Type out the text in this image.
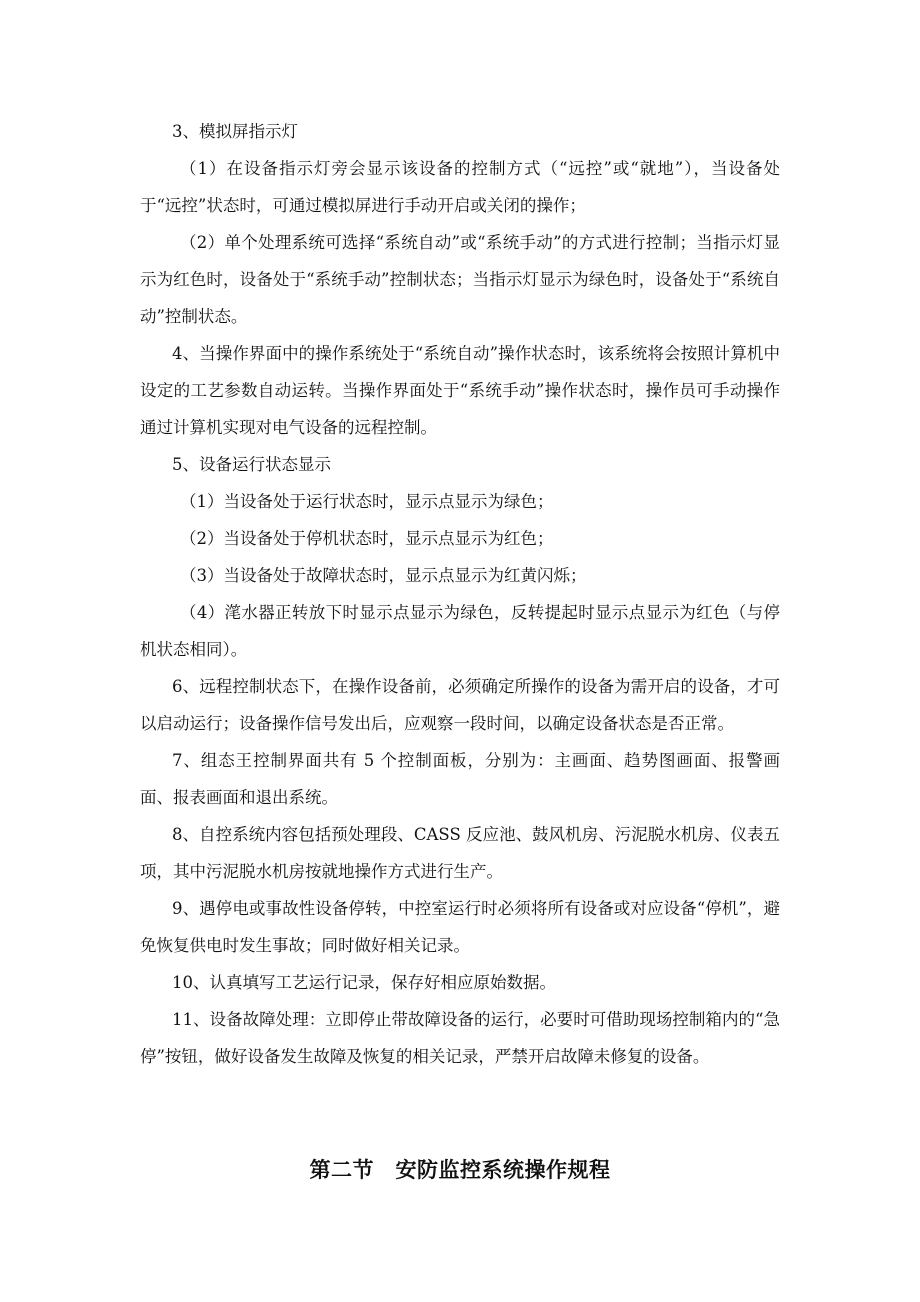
3、模拟屏指示灯

（1）在设备指示灯旁会显示该设备的控制方式（“远控”或“就地”），当设备处于“远控”状态时，可通过模拟屏进行手动开启或关闭的操作；

（2）单个处理系统可选择“系统自动”或“系统手动”的方式进行控制；当指示灯显示为红色时，设备处于“系统手动”控制状态；当指示灯显示为绿色时，设备处于“系统自动”控制状态。

4、当操作界面中的操作系统处于“系统自动”操作状态时，该系统将会按照计算机中设定的工艺参数自动运转。当操作界面处于“系统手动”操作状态时，操作员可手动操作通过计算机实现对电气设备的远程控制。

5、设备运行状态显示

（1）当设备处于运行状态时，显示点显示为绿色；

（2）当设备处于停机状态时，显示点显示为红色；

（3）当设备处于故障状态时，显示点显示为红黄闪烁；

（4）滗水器正转放下时显示点显示为绿色，反转提起时显示点显示为红色（与停机状态相同）。

6、远程控制状态下，在操作设备前，必须确定所操作的设备为需开启的设备，才可以启动运行；设备操作信号发出后，应观察一段时间，以确定设备状态是否正常。

7、组态王控制界面共有 5 个控制面板，分别为：主画面、趋势图画面、报警画面、报表画面和退出系统。

8、自控系统内容包括预处理段、CASS 反应池、鼓风机房、污泥脱水机房、仪表五项，其中污泥脱水机房按就地操作方式进行生产。

9、遇停电或事故性设备停转，中控室运行时必须将所有设备或对应设备“停机”，避免恢复供电时发生事故；同时做好相关记录。

10、认真填写工艺运行记录，保存好相应原始数据。

11、设备故障处理：立即停止带故障设备的运行，必要时可借助现场控制箱内的“急停”按钮，做好设备发生故障及恢复的相关记录，严禁开启故障未修复的设备。

第二节　安防监控系统操作规程
